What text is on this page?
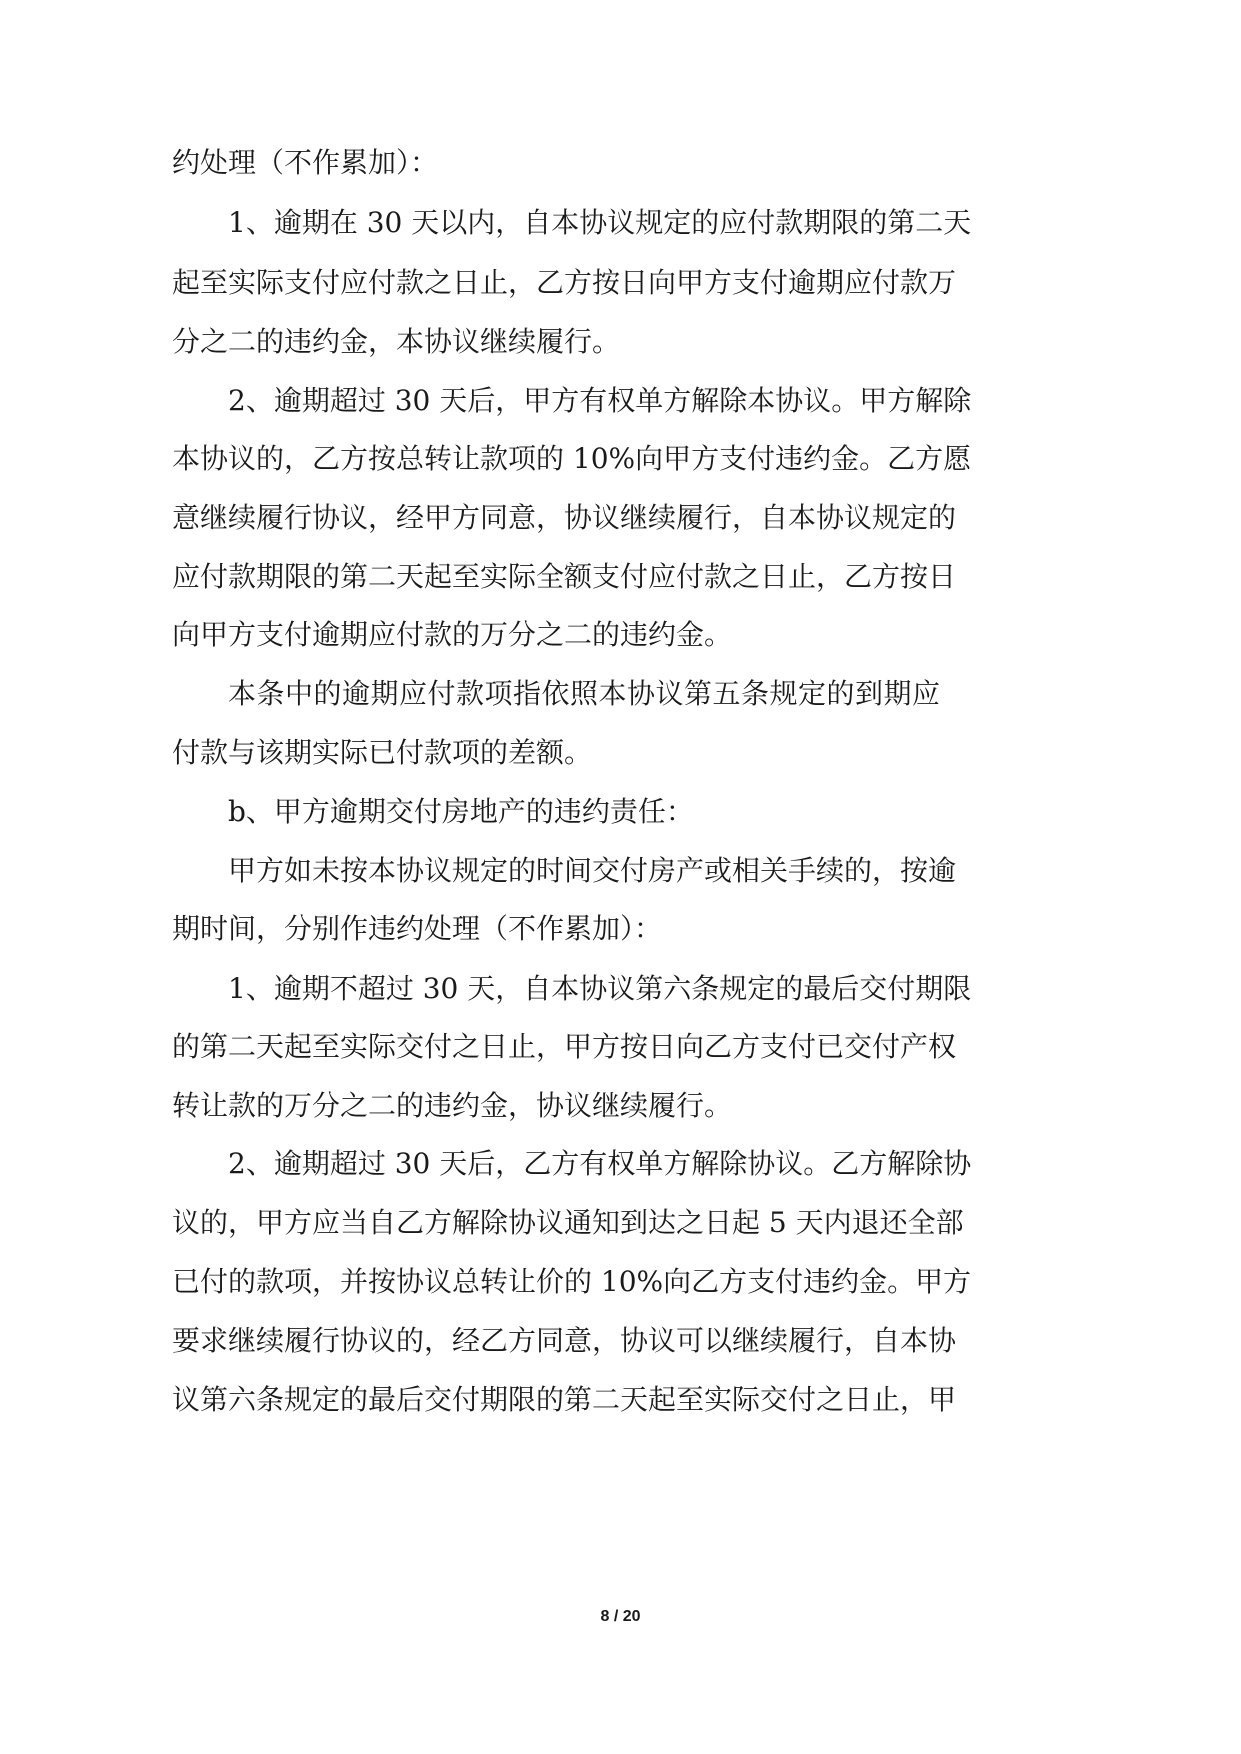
约处理（不作累加）：
1、逾期在 30 天以内，自本协议规定的应付款期限的第二天
起至实际支付应付款之日止，乙方按日向甲方支付逾期应付款万
分之二的违约金，本协议继续履行。
2、逾期超过 30 天后，甲方有权单方解除本协议。甲方解除
本协议的，乙方按总转让款项的 10%向甲方支付违约金。乙方愿
意继续履行协议，经甲方同意，协议继续履行，自本协议规定的
应付款期限的第二天起至实际全额支付应付款之日止，乙方按日
向甲方支付逾期应付款的万分之二的违约金。
本条中的逾期应付款项指依照本协议第五条规定的到期应
付款与该期实际已付款项的差额。
b、甲方逾期交付房地产的违约责任：
甲方如未按本协议规定的时间交付房产或相关手续的，按逾
期时间，分别作违约处理（不作累加）：
1、逾期不超过 30 天，自本协议第六条规定的最后交付期限
的第二天起至实际交付之日止，甲方按日向乙方支付已交付产权
转让款的万分之二的违约金，协议继续履行。
2、逾期超过 30 天后，乙方有权单方解除协议。乙方解除协
议的，甲方应当自乙方解除协议通知到达之日起 5 天内退还全部
已付的款项，并按协议总转让价的 10%向乙方支付违约金。甲方
要求继续履行协议的，经乙方同意，协议可以继续履行，自本协
议第六条规定的最后交付期限的第二天起至实际交付之日止，甲
8 / 20
